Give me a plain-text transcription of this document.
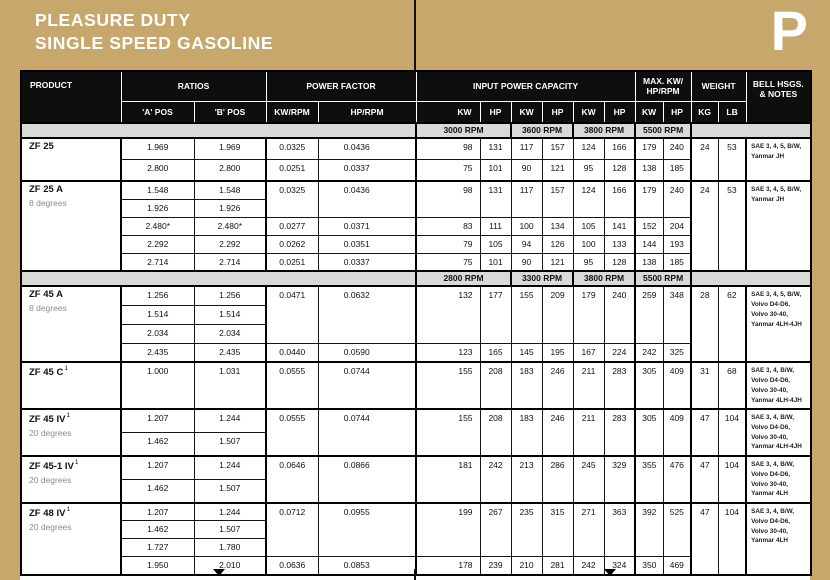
PLEASURE DUTY
SINGLE SPEED GASOLINE	P
PRODUCT	RATIOS	POWER FACTOR	INPUT POWER CAPACITY	
MAX. KW/
HP/RPM
	WEIGHT	BELL HSGS.
& NOTES

	'A' POS	'B' POS	KW/RPM	HP/RPM	KW	HP	KW	HP	KW	HP	KW	HP	KG	LB	
					3000 RPM		3600 RPM		3800 RPM		5500 RPM				

ZF 25	1.969	1.969	0.0325	0.0436	98	131	117	157	124	166	179	240	24	53	SAE 3, 4, 5, B/W,
Yanmar JH

	2.800	2.800	0.0251	0.0337	75	101	90	121	95	128	138	185			

ZF 25 A
8 degrees
	1.548	1.548	0.0325	0.0436	98	131	117	157	124	166	179	240	24	53	SAE 3, 4, 5, B/W,
Yanmar JH

	1.926	1.926													
	2.480*	2.480*	0.0277	0.0371	83	111	100	134	105	141	152	204			
	2.292	2.292	0.0262	0.0351	79	105	94	126	100	133	144	193			
	2.714	2.714	0.0251	0.0337	75	101	90	121	95	128	138	185			
					2800 RPM		3300 RPM		3800 RPM		5500 RPM				

ZF 45 A
8 degrees
	1.256	1.256	0.0471	0.0632	132	177	155	209	179	240	259	348	28	62	SAE 3, 4, 5, B/W,
Volvo D4-D6,
Volvo 30-40,
Yanmar 4LH-4JH

	1.514	1.514													
	2.034	2.034													
	2.435	2.435	0.0440	0.0590	123	165	145	195	167	224	242	325			

ZF 45 $C^1$	1.000	1.031	0.0555	0.0744	155	208	183	246	211	283	305	409	31	68	SAE 3, 4, B/W,
Volvo D4-D6,
Volvo 30-40,
Yanmar 4LH-4JH

ZF 45 $IV^1$
20 degrees
	1.207	1.244	0.0555	0.0744	155	208	183	246	211	283	305	409	47	104	SAE 3, 4, B/W,
Volvo D4-D6,
Volvo 30-40,
Yanmar 4LH-4JH

	1.462	1.507													

ZF 45-1 $IV^1$
20 degrees
	1.207	1.244	0.0646	0.0866	181	242	213	286	245	329	355	476	47	104	SAE 3, 4, B/W,
Volvo D4-D6,
Volvo 30-40,
Yanmar 4LH

	1.462	1.507													

ZF 48 $IV^1$
20 degrees
	1.207	1.244	0.0712	0.0955	199	267	235	315	271	363	392	525	47	104	SAE 3, 4, B/W,
Volvo D4-D6,
Volvo 30-40,
Yanmar 4LH

	1.462	1.507													
	1.727	1.780													
	1.950	2.010	0.0636	0.0853	178	239	210	281	242	324	350	469			
